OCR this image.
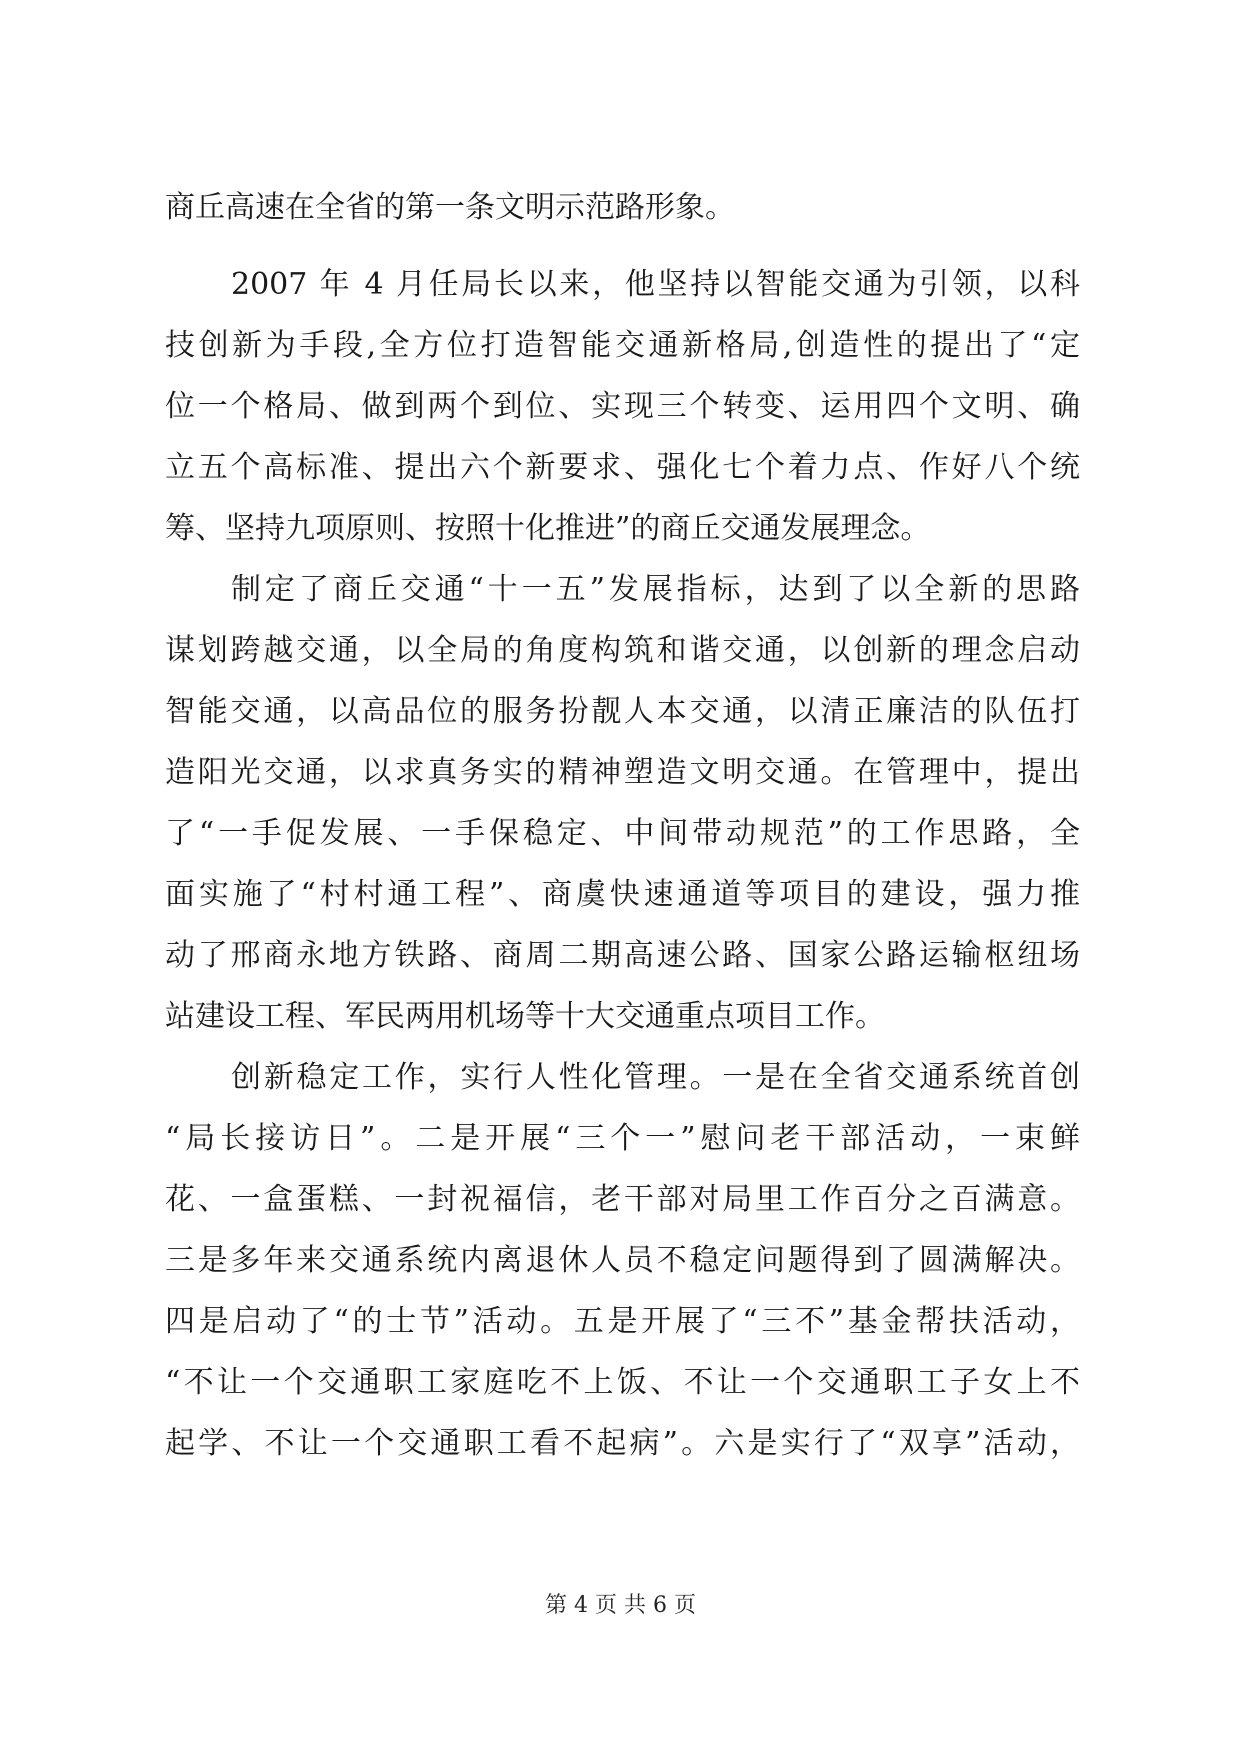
商丘高速在全省的第一条文明示范路形象。
2007 年 4 月任局长以来，他坚持以智能交通为引领，以科
技创新为手段,全方位打造智能交通新格局,创造性的提出了“定
位一个格局、做到两个到位、实现三个转变、运用四个文明、确
立五个高标准、提出六个新要求、强化七个着力点、作好八个统
筹、坚持九项原则、按照十化推进”的商丘交通发展理念。
制定了商丘交通“十一五”发展指标，达到了以全新的思路
谋划跨越交通，以全局的角度构筑和谐交通，以创新的理念启动
智能交通，以高品位的服务扮靓人本交通，以清正廉洁的队伍打
造阳光交通，以求真务实的精神塑造文明交通。在管理中，提出
了“一手促发展、一手保稳定、中间带动规范”的工作思路，全
面实施了“村村通工程”、商虞快速通道等项目的建设，强力推
动了邢商永地方铁路、商周二期高速公路、国家公路运输枢纽场
站建设工程、军民两用机场等十大交通重点项目工作。
创新稳定工作，实行人性化管理。一是在全省交通系统首创
“局长接访日”。二是开展“三个一”慰问老干部活动，一束鲜
花、一盒蛋糕、一封祝福信，老干部对局里工作百分之百满意。
三是多年来交通系统内离退休人员不稳定问题得到了圆满解决。
四是启动了“的士节”活动。五是开展了“三不”基金帮扶活动，
“不让一个交通职工家庭吃不上饭、不让一个交通职工子女上不
起学、不让一个交通职工看不起病”。六是实行了“双享”活动，
第 4 页 共 6 页
